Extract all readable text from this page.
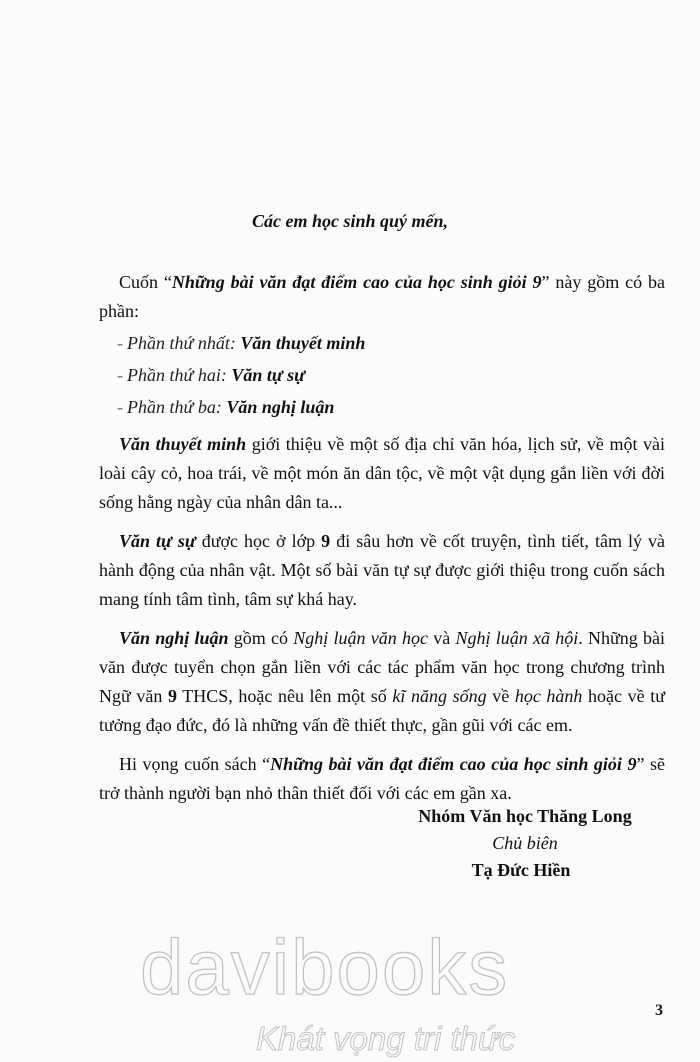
Các em học sinh quý mến,

Cuốn “Những bài văn đạt điểm cao của học sinh giỏi 9” này gồm có ba phần:

- Phần thứ nhất: Văn thuyết minh
- Phần thứ hai: Văn tự sự
- Phần thứ ba: Văn nghị luận

Văn thuyết minh giới thiệu về một số địa chỉ văn hóa, lịch sử, về một vài loài cây cỏ, hoa trái, về một món ăn dân tộc, về một vật dụng gắn liền với đời sống hằng ngày của nhân dân ta...

Văn tự sự được học ở lớp 9 đi sâu hơn về cốt truyện, tình tiết, tâm lý và hành động của nhân vật. Một số bài văn tự sự được giới thiệu trong cuốn sách mang tính tâm tình, tâm sự khá hay.

Văn nghị luận gồm có Nghị luận văn học và Nghị luận xã hội. Những bài văn được tuyển chọn gắn liền với các tác phẩm văn học trong chương trình Ngữ văn 9 THCS, hoặc nêu lên một số kĩ năng sống về học hành hoặc về tư tưởng đạo đức, đó là những vấn đề thiết thực, gần gũi với các em.

Hi vọng cuốn sách “Những bài văn đạt điểm cao của học sinh giỏi 9” sẽ trở thành người bạn nhỏ thân thiết đối với các em gần xa.

Nhóm Văn học Thăng Long
Chủ biên
Tạ Đức Hiền
davibooks
Khát vọng tri thức
3
